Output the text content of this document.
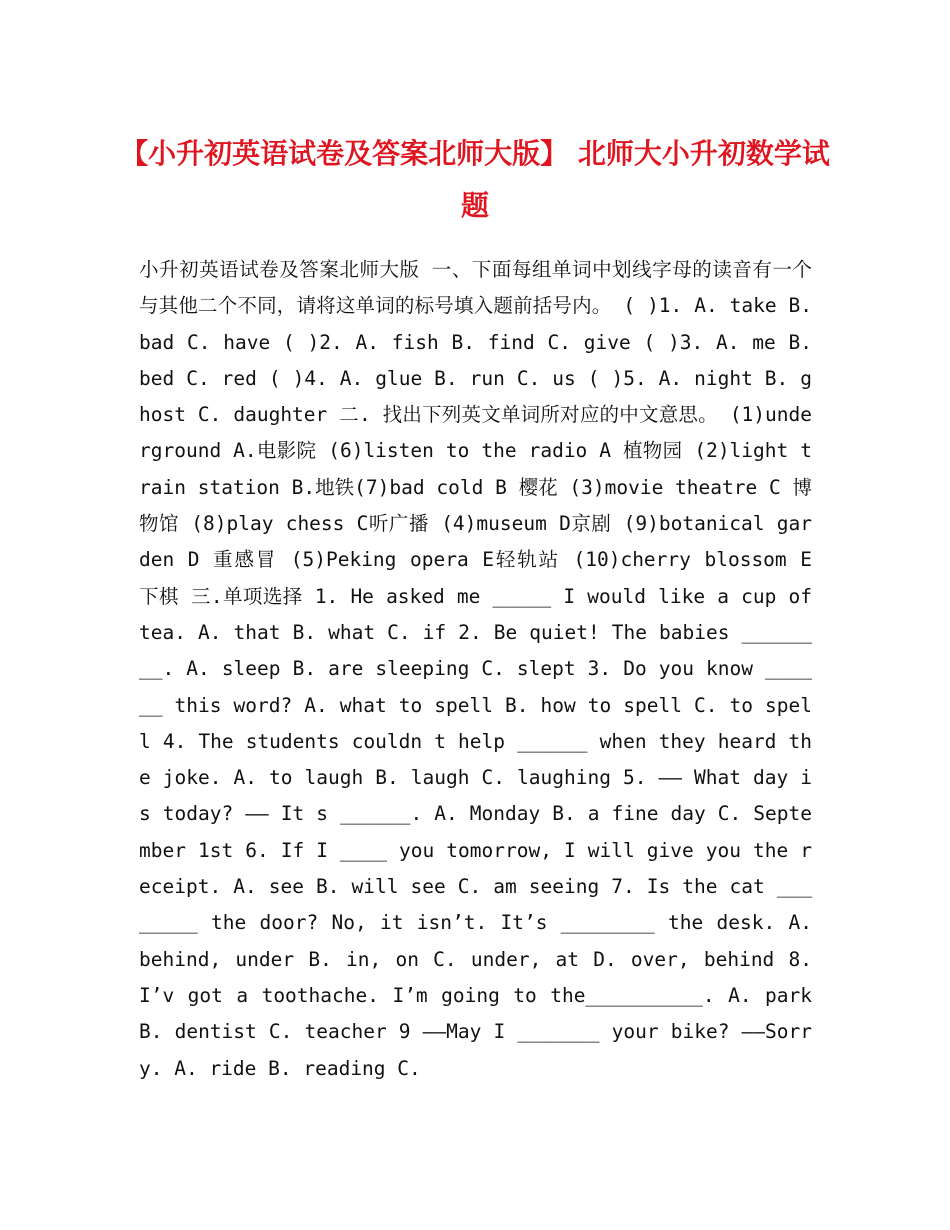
【小升初英语试卷及答案北师大版】 北师大小升初数学试题

小升初英语试卷及答案北师大版 一、下面每组单词中划线字母的读音有一个与其他二个不同，请将这单词的标号填入题前括号内。 ( )1. A. take B. bad C. have ( )2. A. fish B. find C. give ( )3. A. me B. bed C. red ( )4. A. glue B. run C. us ( )5. A. night B. ghost C. daughter 二. 找出下列英文单词所对应的中文意思。 (1)underground A.电影院 (6)listen to the radio A 植物园 (2)light train station B.地铁(7)bad cold B 樱花 (3)movie theatre C 博物馆 (8)play chess C听广播 (4)museum D京剧 (9)botanical garden D 重感冒 (5)Peking opera E轻轨站 (10)cherry blossom E 下棋 三.单项选择 1. He asked me _____ I would like a cup of tea. A. that B. what C. if 2. Be quiet! The babies ________. A. sleep B. are sleeping C. slept 3. Do you know ______ this word? A. what to spell B. how to spell C. to spell 4. The students couldn t help ______ when they heard the joke. A. to laugh B. laugh C. laughing 5. —— What day is today? —— It s ______. A. Monday B. a fine day C. September 1st 6. If I ____ you tomorrow, I will give you the receipt. A. see B. will see C. am seeing 7. Is the cat ________ the door? No, it isn’t. It’s ________ the desk. A. behind, under B. in, on C. under, at D. over, behind 8. I’v got a toothache. I’m going to the__________. A. park B. dentist C. teacher 9 ——May I _______ your bike? ——Sorry. A. ride B. reading C.
